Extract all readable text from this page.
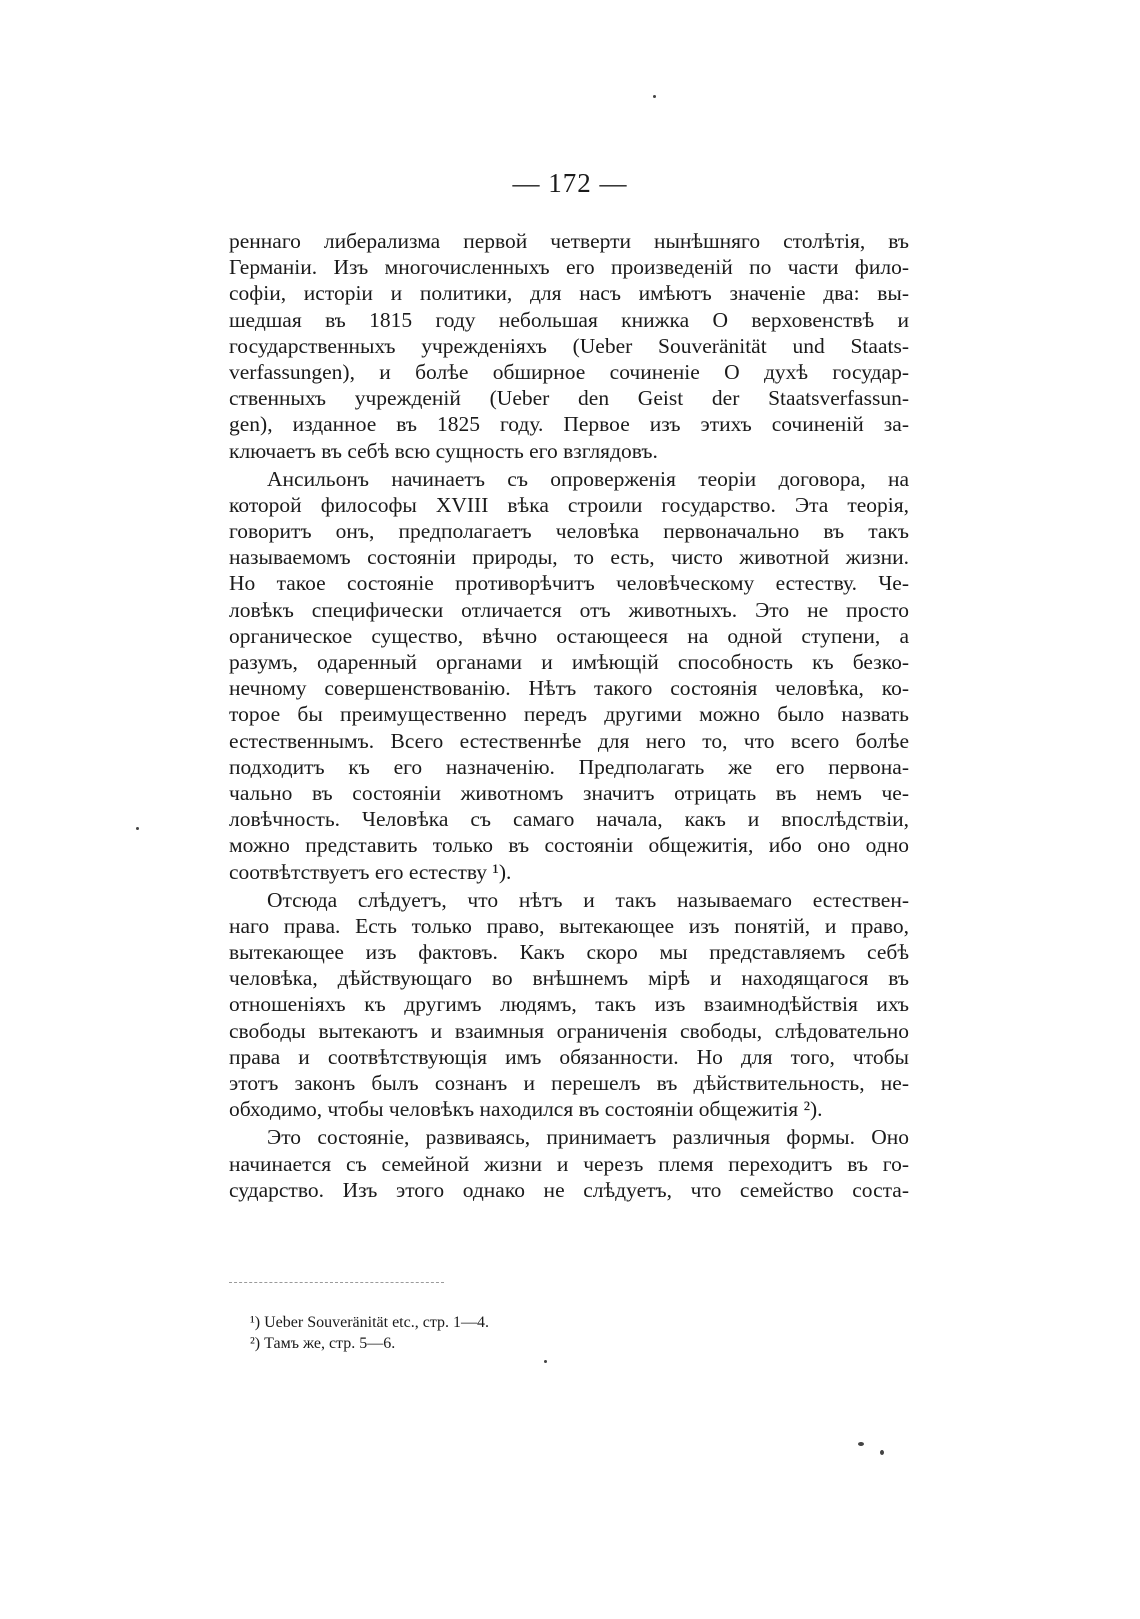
— 172 —
реннаго либерализма первой четверти нынѣшняго столѣтія, въ
Германіи. Изъ многочисленныхъ его произведеній по части фило-
софіи, исторіи и политики, для насъ имѣютъ значеніе два: вы-
шедшая въ 1815 году небольшая книжка О верховенствѣ и
государственныхъ учрежденіяхъ (Ueber Souveränität und Staats-
verfassungen), и болѣе обширное сочиненіе О духѣ государ-
ственныхъ учрежденій (Ueber den Geist der Staatsverfassun-
gen), изданное въ 1825 году. Первое изъ этихъ сочиненій за-
ключаетъ въ себѣ всю сущность его взглядовъ.
Ансильонъ начинаетъ съ опроверженія теоріи договора, на
которой философы XVIII вѣка строили государство. Эта теорія,
говоритъ онъ, предполагаетъ человѣка первоначально въ такъ
называемомъ состояніи природы, то есть, чисто животной жизни.
Но такое состояніе противорѣчитъ человѣческому естеству. Че-
ловѣкъ специфически отличается отъ животныхъ. Это не просто
органическое существо, вѣчно остающееся на одной ступени, а
разумъ, одаренный органами и имѣющій способность къ безко-
нечному совершенствованію. Нѣтъ такого состоянія человѣка, ко-
торое бы преимущественно передъ другими можно было назвать
естественнымъ. Всего естественнѣе для него то, что всего болѣе
подходитъ къ его назначенію. Предполагать же его первона-
чально въ состояніи животномъ значитъ отрицать въ немъ че-
ловѣчность. Человѣка съ самаго начала, какъ и впослѣдствіи,
можно представить только въ состояніи общежитія, ибо оно одно
соотвѣтствуетъ его естеству ¹).
Отсюда слѣдуетъ, что нѣтъ и такъ называемаго естествен-
наго права. Есть только право, вытекающее изъ понятій, и право,
вытекающее изъ фактовъ. Какъ скоро мы представляемъ себѣ
человѣка, дѣйствующаго во внѣшнемъ мірѣ и находящагося въ
отношеніяхъ къ другимъ людямъ, такъ изъ взаимнодѣйствія ихъ
свободы вытекаютъ и взаимныя ограниченія свободы, слѣдовательно
права и соотвѣтствующія имъ обязанности. Но для того, чтобы
этотъ законъ былъ сознанъ и перешелъ въ дѣйствительность, не-
обходимо, чтобы человѣкъ находился въ состояніи общежитія ²).
Это состояніе, развиваясь, принимаетъ различныя формы. Оно
начинается съ семейной жизни и черезъ племя переходитъ въ го-
сударство. Изъ этого однако не слѣдуетъ, что семейство соста-
¹) Ueber Souveränität etc., стр. 1—4.
²) Тамъ же, стр. 5—6.
